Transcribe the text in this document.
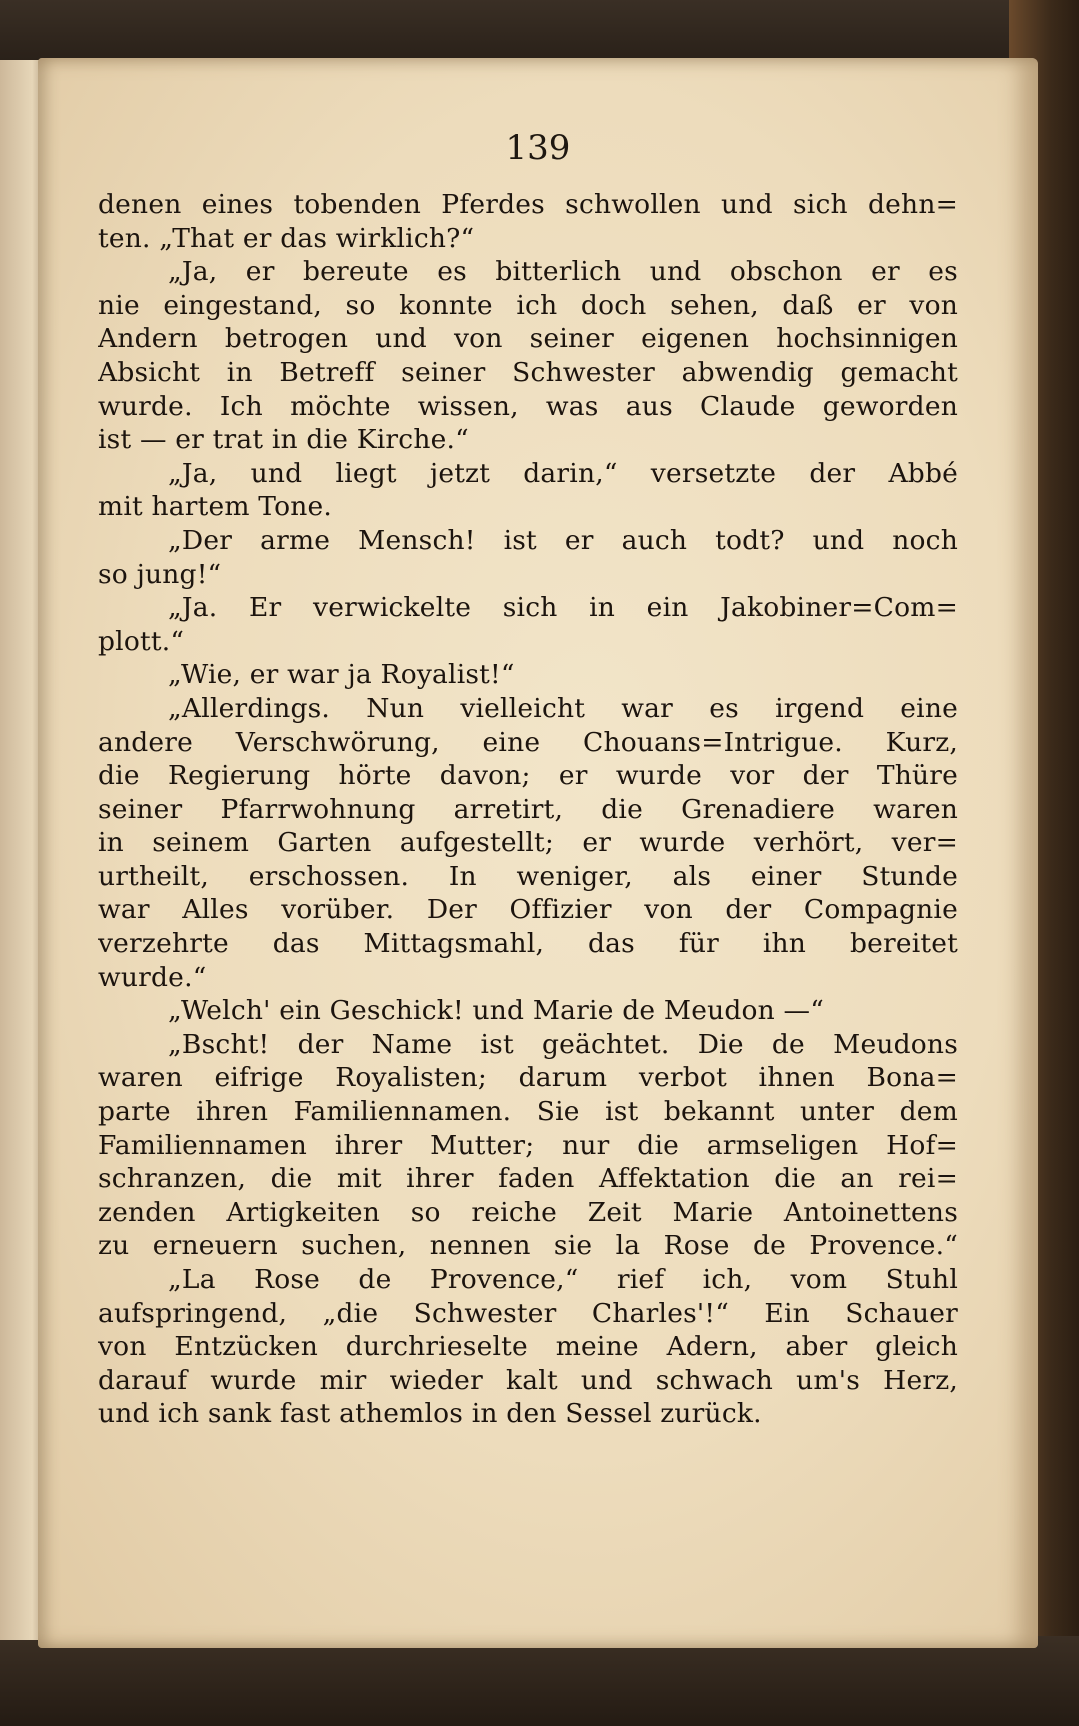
139
denen eines tobenden Pferdes schwollen und sich dehn=
ten. „That er das wirklich?“
„Ja, er bereute es bitterlich und obschon er es
nie eingestand, so konnte ich doch sehen, daß er von
Andern betrogen und von seiner eigenen hochsinnigen
Absicht in Betreff seiner Schwester abwendig gemacht
wurde. Ich möchte wissen, was aus Claude geworden
ist — er trat in die Kirche.“
„Ja, und liegt jetzt darin,“ versetzte der Abbé
mit hartem Tone.
„Der arme Mensch! ist er auch todt? und noch
so jung!“
„Ja. Er verwickelte sich in ein Jakobiner=Com=
plott.“
„Wie, er war ja Royalist!“
„Allerdings. Nun vielleicht war es irgend eine
andere Verschwörung, eine Chouans=Intrigue. Kurz,
die Regierung hörte davon; er wurde vor der Thüre
seiner Pfarrwohnung arretirt, die Grenadiere waren
in seinem Garten aufgestellt; er wurde verhört, ver=
urtheilt, erschossen. In weniger, als einer Stunde
war Alles vorüber. Der Offizier von der Compagnie
verzehrte das Mittagsmahl, das für ihn bereitet
wurde.“
„Welch' ein Geschick! und Marie de Meudon —“
„Bscht! der Name ist geächtet. Die de Meudons
waren eifrige Royalisten; darum verbot ihnen Bona=
parte ihren Familiennamen. Sie ist bekannt unter dem
Familiennamen ihrer Mutter; nur die armseligen Hof=
schranzen, die mit ihrer faden Affektation die an rei=
zenden Artigkeiten so reiche Zeit Marie Antoinettens
zu erneuern suchen, nennen sie la Rose de Provence.“
„La Rose de Provence,“ rief ich, vom Stuhl
aufspringend, „die Schwester Charles'!“ Ein Schauer
von Entzücken durchrieselte meine Adern, aber gleich
darauf wurde mir wieder kalt und schwach um's Herz,
und ich sank fast athemlos in den Sessel zurück.
